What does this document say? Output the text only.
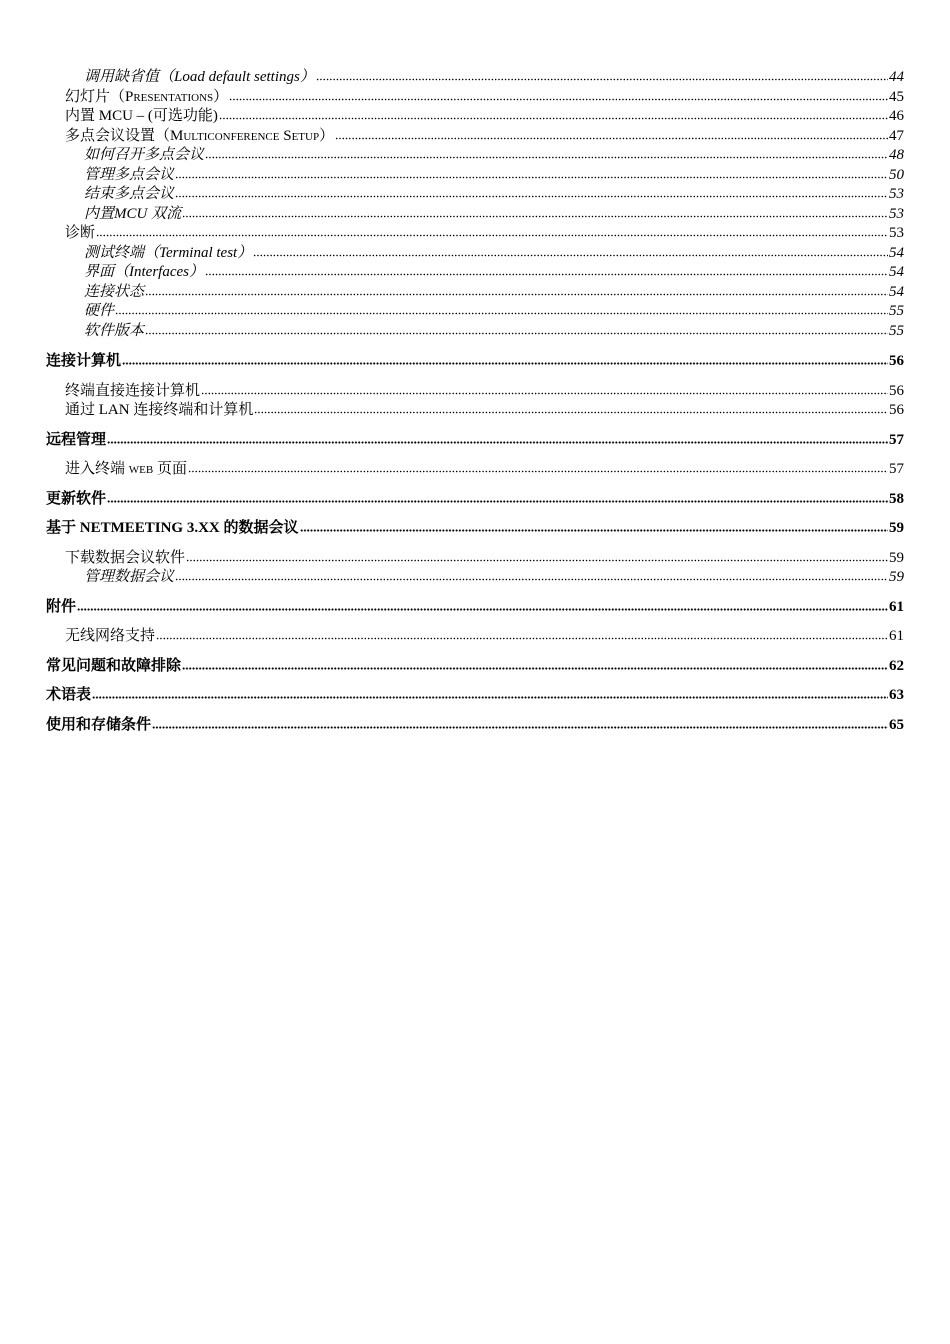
调用缺省值（Load default settings）	44
幻灯片（Presentations）	45
内置 MCU – (可选功能)	46
多点会议设置（Multiconference Setup）	47
如何召开多点会议	48
管理多点会议	50
结束多点会议	53
内置MCU 双流	53
诊断	53
测试终端（Terminal test）	54
界面（Interfaces）	54
连接状态	54
硬件	55
软件版本	55
连接计算机	56
终端直接连接计算机	56
通过 LAN 连接终端和计算机	56
远程管理	57
进入终端 web 页面	57
更新软件	58
基于 NETMEETING 3.XX 的数据会议	59
下载数据会议软件	59
管理数据会议	59
附件	61
无线网络支持	61
常见问题和故障排除	62
术语表	63
使用和存储条件	65
